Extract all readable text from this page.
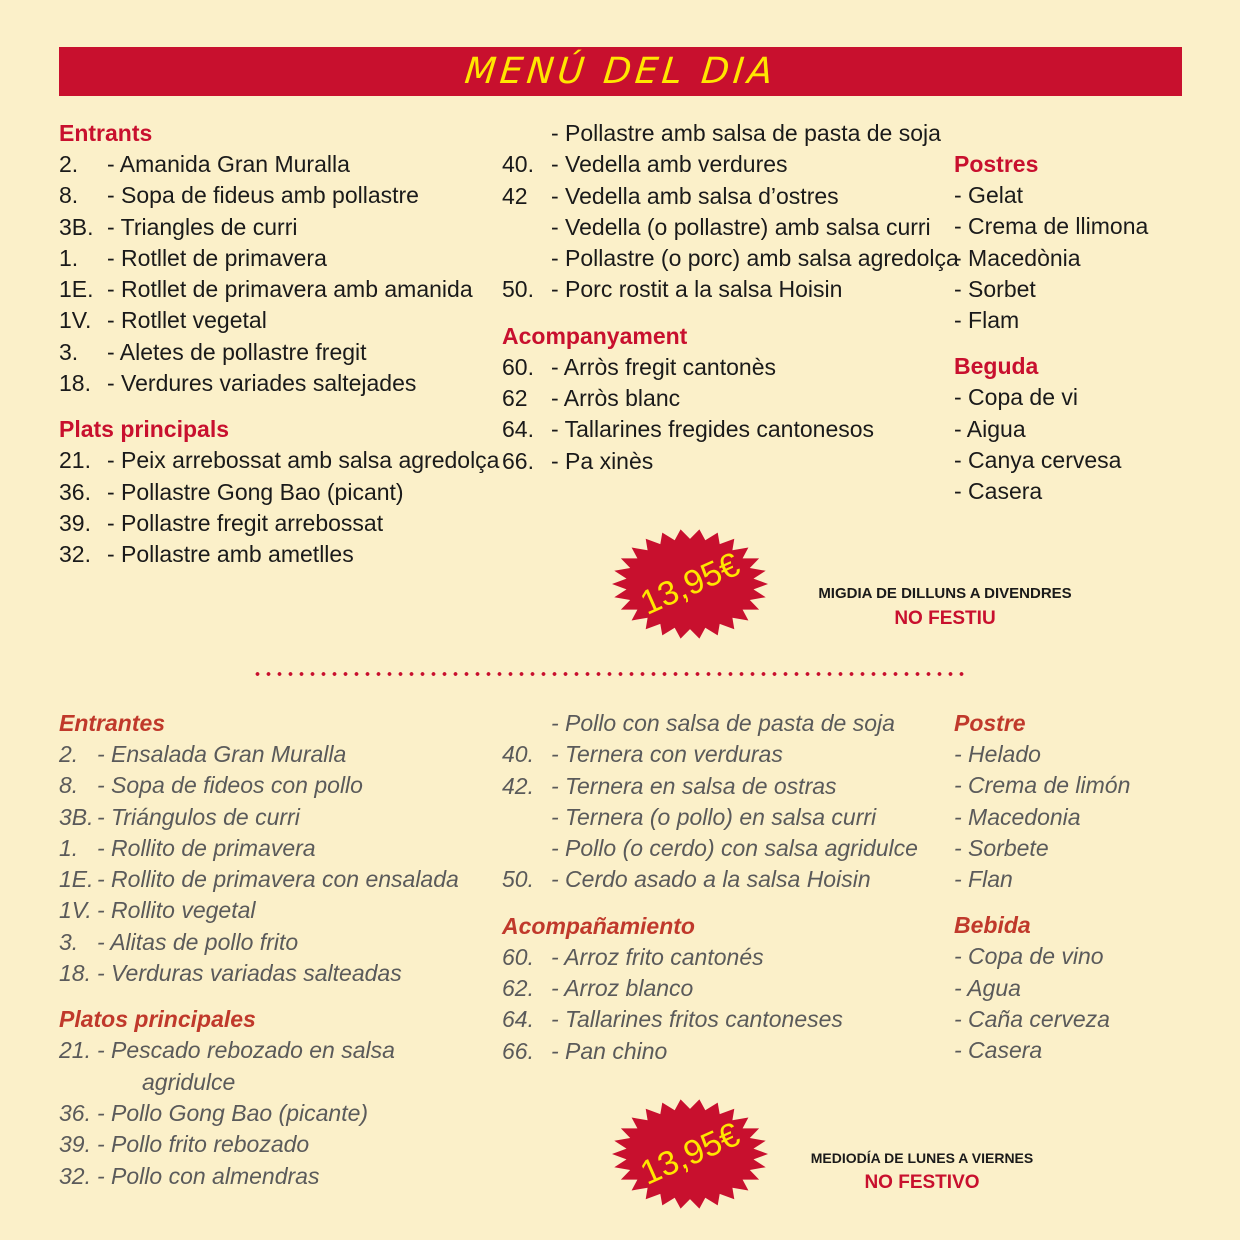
MENÚ DEL DIA
Entrants
2.	- Amanida Gran Muralla
8.	- Sopa de fideus amb pollastre
3B. - Triangles de curri
1.	- Rotllet de primavera
1E. - Rotllet de primavera amb amanida
1V. - Rotllet vegetal
3.	- Aletes de pollastre fregit
18. - Verdures variades saltejades
Plats principals
21. - Peix arrebossat amb salsa agredolça
36. - Pollastre Gong Bao (picant)
39. - Pollastre fregit arrebossat
32. - Pollastre amb ametlles
- Pollastre amb salsa de pasta de soja
40. - Vedella amb verdures
42	- Vedella amb salsa d’ostres
- Vedella (o pollastre) amb salsa curri
- Pollastre (o porc) amb salsa agredolça
50. - Porc rostit a la salsa Hoisin
Acompanyament
60. - Arròs fregit cantonès
62	- Arròs blanc
64. - Tallarines fregides cantonesos
66. - Pa xinès
Postres
- Gelat
- Crema de llimona
- Macedònia
- Sorbet
- Flam
Beguda
- Copa de vi
- Aigua
- Canya cervesa
- Casera
13,95€	MIGDIA DE DILLUNS A DIVENDRES
NO FESTIU
Entrantes
2. - Ensalada Gran Muralla
8. - Sopa de fideos con pollo
3B. - Triángulos de curri
1. - Rollito de primavera
1E. - Rollito de primavera con ensalada
1V. - Rollito vegetal
3. - Alitas de pollo frito
18. - Verduras variadas salteadas
Platos principales
21. - Pescado rebozado en salsa
agridulce
36. - Pollo Gong Bao (picante)
39. - Pollo frito rebozado
32. - Pollo con almendras
- Pollo con salsa de pasta de soja
40. - Ternera con verduras
42. - Ternera en salsa de ostras
- Ternera (o pollo) en salsa curri
- Pollo (o cerdo) con salsa agridulce
50. - Cerdo asado a la salsa Hoisin
Acompañamiento
60. - Arroz frito cantonés
62. - Arroz blanco
64. - Tallarines fritos cantoneses
66. - Pan chino
Postre
- Helado
- Crema de limón
- Macedonia
- Sorbete
- Flan
Bebida
- Copa de vino
- Agua
- Caña cerveza
- Casera
13,95€	MEDIODÍA DE LUNES A VIERNES
NO FESTIVO
